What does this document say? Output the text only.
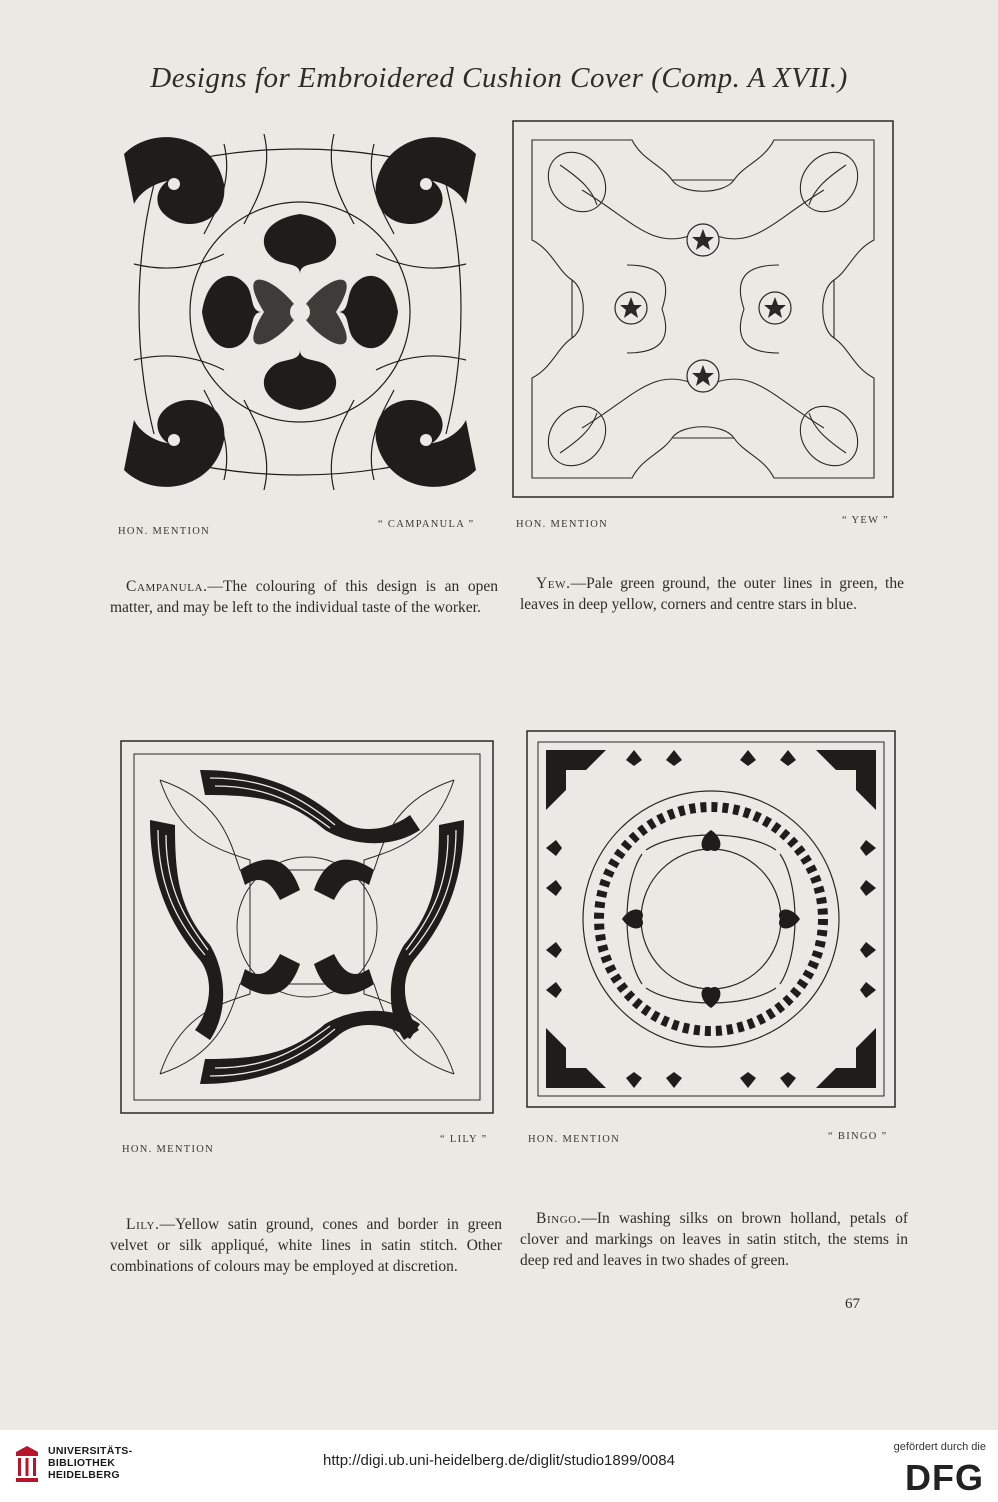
Designs for Embroidered Cushion Cover (Comp. A XVII.)
HON. MENTION
“ CAMPANULA ”
Campanula.—The colouring of this design is an open matter, and may be left to the individual taste of the worker.
HON. MENTION	“ YEW ”
Yew.—Pale green ground, the outer lines in green, the leaves in deep yellow, corners and centre stars in blue.
HON. MENTION
“ LILY ”
Lily.—Yellow satin ground, cones and border in green velvet or silk appliqué, white lines in satin stitch. Other combinations of colours may be employed at discretion.
HON. MENTION	“ BINGO ”
Bingo.—In washing silks on brown holland, petals of clover and markings on leaves in satin stitch, the stems in deep red and leaves in two shades of green.
67
UNIVERSITÄTS-
BIBLIOTHEK
HEIDELBERG
http://digi.ub.uni-heidelberg.de/diglit/studio1899/0084
gefördert durch die
DFG
